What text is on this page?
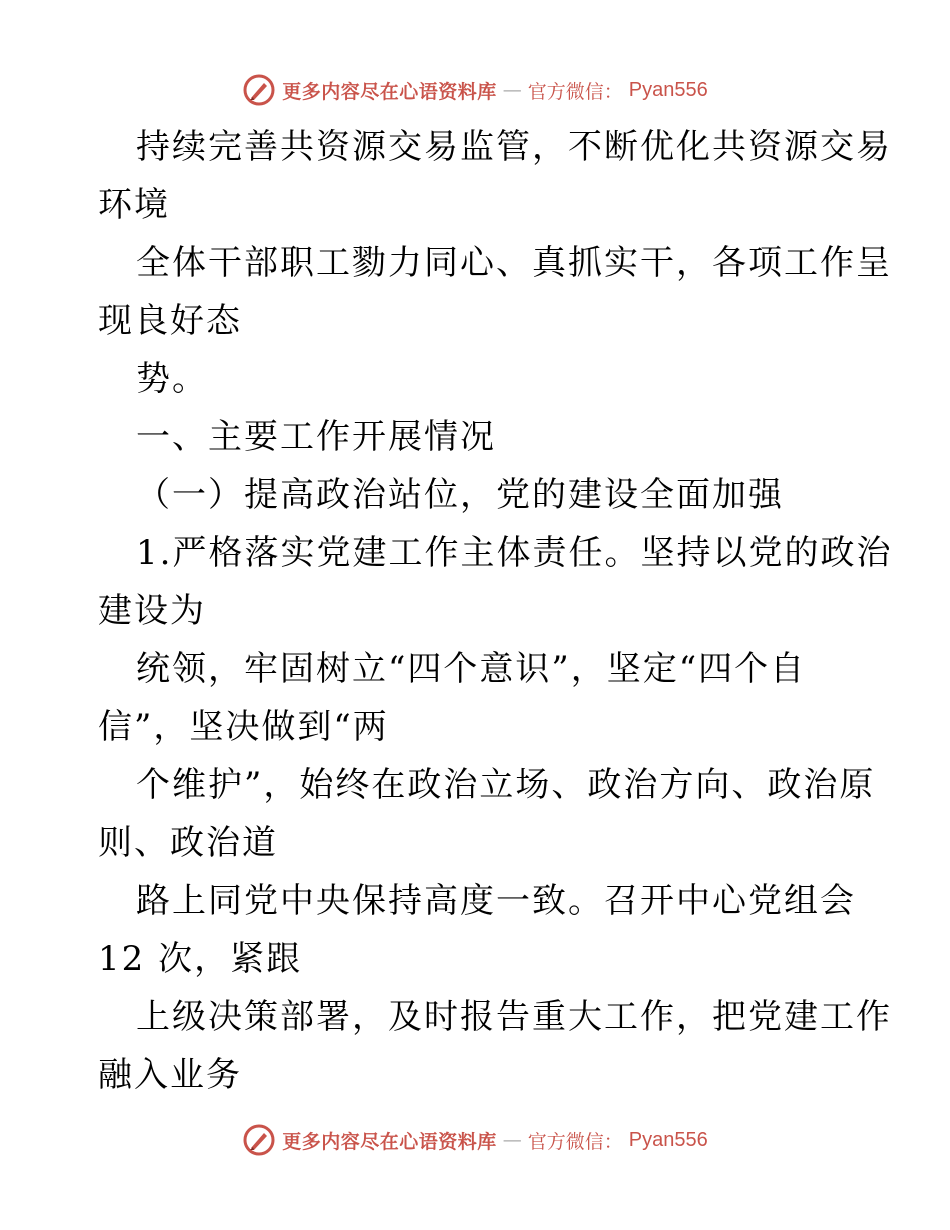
更多内容尽在心语资料库 — 官方微信： Pyan556
持续完善共资源交易监管，不断优化共资源交易
环境
全体干部职工勠力同心、真抓实干，各项工作呈
现良好态
势。
一、主要工作开展情况
（一）提高政治站位，党的建设全面加强
1.严格落实党建工作主体责任。坚持以党的政治
建设为
统领，牢固树立“四个意识”，坚定“四个自
信”，坚决做到“两
个维护”，始终在政治立场、政治方向、政治原
则、政治道
路上同党中央保持高度一致。召开中心党组会
12 次，紧跟
上级决策部署，及时报告重大工作，把党建工作
融入业务
更多内容尽在心语资料库 — 官方微信： Pyan556
